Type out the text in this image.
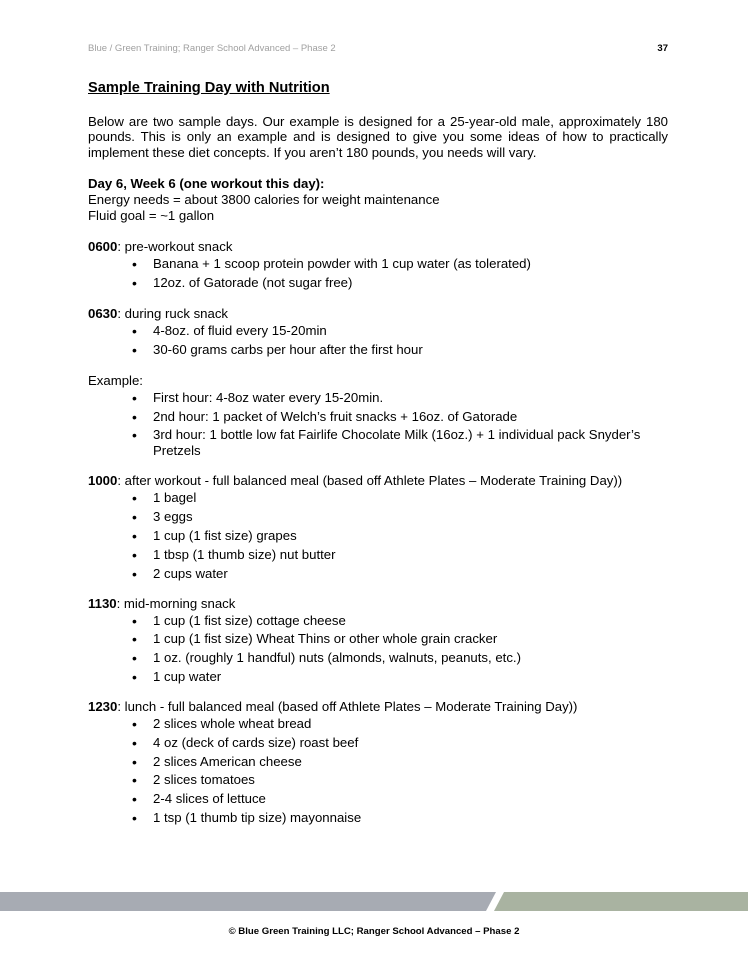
Blue / Green Training; Ranger School Advanced – Phase 2	37
Sample Training Day with Nutrition

Below are two sample days. Our example is designed for a 25-year-old male, approximately 180 pounds. This is only an example and is designed to give you some ideas of how to practically implement these diet concepts. If you aren’t 180 pounds, you needs will vary.

Day 6, Week 6 (one workout this day):

Energy needs = about 3800 calories for weight maintenance

Fluid goal = ~1 gallon

0600: pre-workout snack

• Banana + 1 scoop protein powder with 1 cup water (as tolerated)
• 12oz. of Gatorade (not sugar free)

0630: during ruck snack

• 4-8oz. of fluid every 15-20min
• 30-60 grams carbs per hour after the first hour

Example:

• First hour: 4-8oz water every 15-20min.
• 2nd hour: 1 packet of Welch’s fruit snacks + 16oz. of Gatorade
• 3rd hour: 1 bottle low fat Fairlife Chocolate Milk (16oz.) + 1 individual pack Snyder’s Pretzels

1000: after workout - full balanced meal (based off Athlete Plates – Moderate Training Day))

• 1 bagel
• 3 eggs
• 1 cup (1 fist size) grapes
• 1 tbsp (1 thumb size) nut butter
• 2 cups water

1130: mid-morning snack

• 1 cup (1 fist size) cottage cheese
• 1 cup (1 fist size) Wheat Thins or other whole grain cracker
• 1 oz. (roughly 1 handful) nuts (almonds, walnuts, peanuts, etc.)
• 1 cup water

1230: lunch - full balanced meal (based off Athlete Plates – Moderate Training Day))

• 2 slices whole wheat bread
• 4 oz (deck of cards size) roast beef
• 2 slices American cheese
• 2 slices tomatoes
• 2-4 slices of lettuce
• 1 tsp (1 thumb tip size) mayonnaise
© Blue Green Training LLC; Ranger School Advanced – Phase 2
